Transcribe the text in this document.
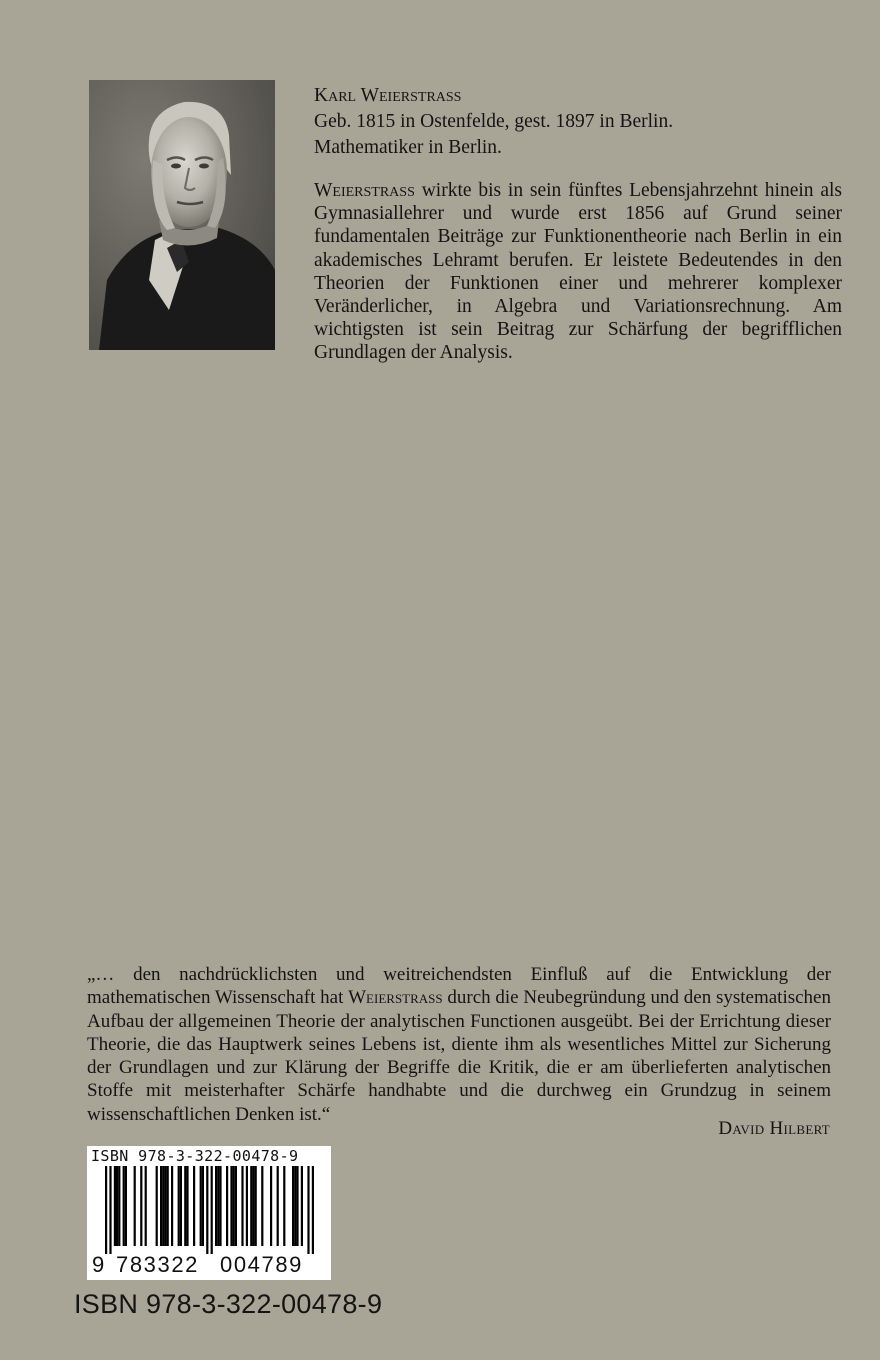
Karl Weierstrass
Geb. 1815 in Ostenfelde, gest. 1897 in Berlin.
Mathematiker in Berlin.

Weierstrass wirkte bis in sein fünftes Lebensjahrzehnt hinein als Gymnasiallehrer und wurde erst 1856 auf Grund seiner fundamentalen Beiträge zur Funktionentheorie nach Berlin in ein akademisches Lehramt berufen. Er leistete Bedeutendes in den Theorien der Funktionen einer und mehrerer komplexer Veränderlicher, in Algebra und Variationsrechnung. Am wichtigsten ist sein Beitrag zur Schärfung der begrifflichen Grundlagen der Analysis.

„… den nachdrücklichsten und weitreichendsten Einfluß auf die Entwicklung der mathematischen Wissenschaft hat Weierstrass durch die Neubegründung und den systematischen Aufbau der allgemeinen Theorie der analytischen Functionen ausgeübt. Bei der Errichtung dieser Theorie, die das Hauptwerk seines Lebens ist, diente ihm als wesentliches Mittel zur Sicherung der Grundlagen und zur Klärung der Begriffe die Kritik, die er am überlieferten analytischen Stoffe mit meisterhafter Schärfe handhabte und die durchweg ein Grundzug in seinem wissenschaftlichen Denken ist.“

David Hilbert
ISBN 978-3-322-00478-9
9 783322 004789
ISBN 978-3-322-00478-9
